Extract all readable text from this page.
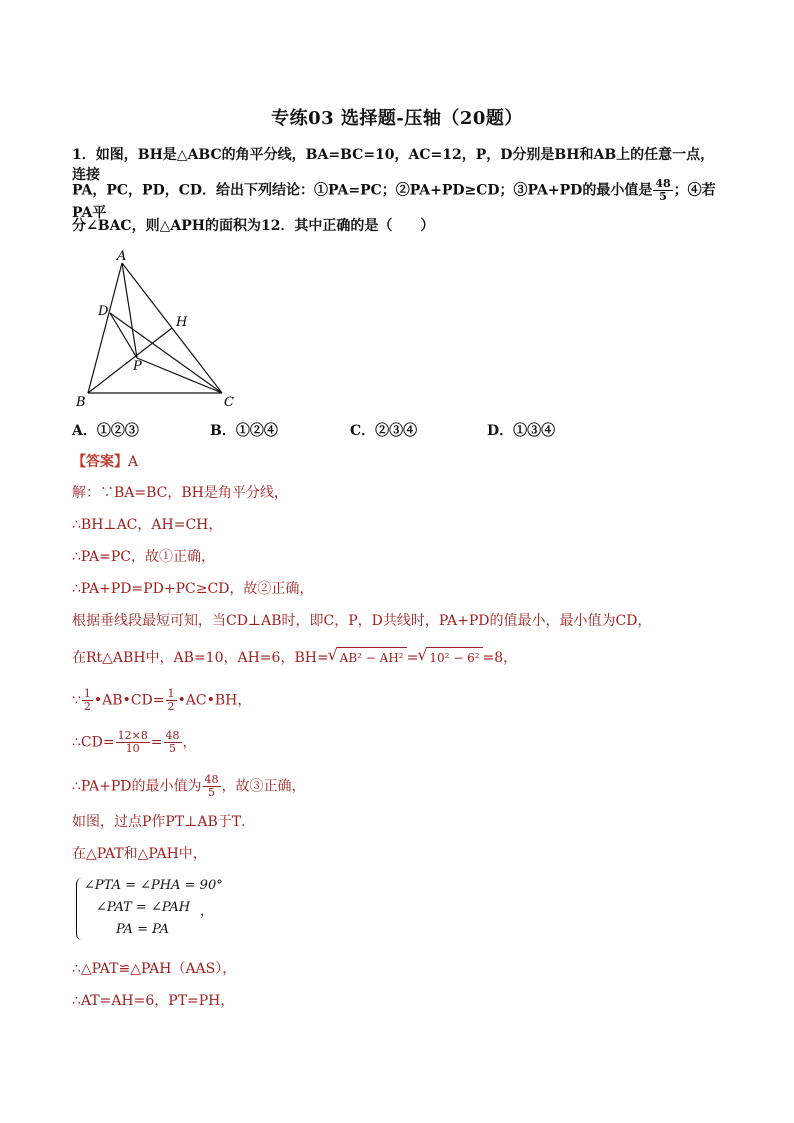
专练03 选择题-压轴（20题）
1．如图，BH是△ABC的角平分线，BA=BC=10，AC=12，P，D分别是BH和AB上的任意一点，连接
PA，PC，PD，CD．给出下列结论：①PA=PC；②PA+PD≥CD；③PA+PD的最小值是 $\frac{48}{5}$ ；④若PA平
分∠BAC，则△APH的面积为12．其中正确的是（　　）
A
D
H
P
B	C
A．①②③	B．①②④	C．②③④	D．①③④
【答案】A
解：∵BA=BC，BH是角平分线，
∴BH⊥AC，AH=CH，
∴PA=PC，故①正确，
∴PA+PD=PD+PC≥CD，故②正确，
根据垂线段最短可知，当CD⊥AB时，即C，P，D共线时，PA+PD的值最小，最小值为CD，
在Rt△ABH中，AB=10，AH=6，BH= √ AB² − AH² = √ 10² − 6² =8，
∵ $\frac{1}{2}$ •AB•CD= $\frac{1}{2}$ •AC•BH，
∴CD= $\frac{12\times 8}{10} = \frac{48}{5}$ ，
∴PA+PD的最小值为 $\frac{48}{5}$ ，故③正确，
如图，过点P作PT⊥AB于T．
在△PAT和△PAH中，
∠PTA = ∠PHA = 90°
∠PAT = ∠PAH
PA = PA
，
∴△PAT≌△PAH（AAS），
∴AT=AH=6，PT=PH，
